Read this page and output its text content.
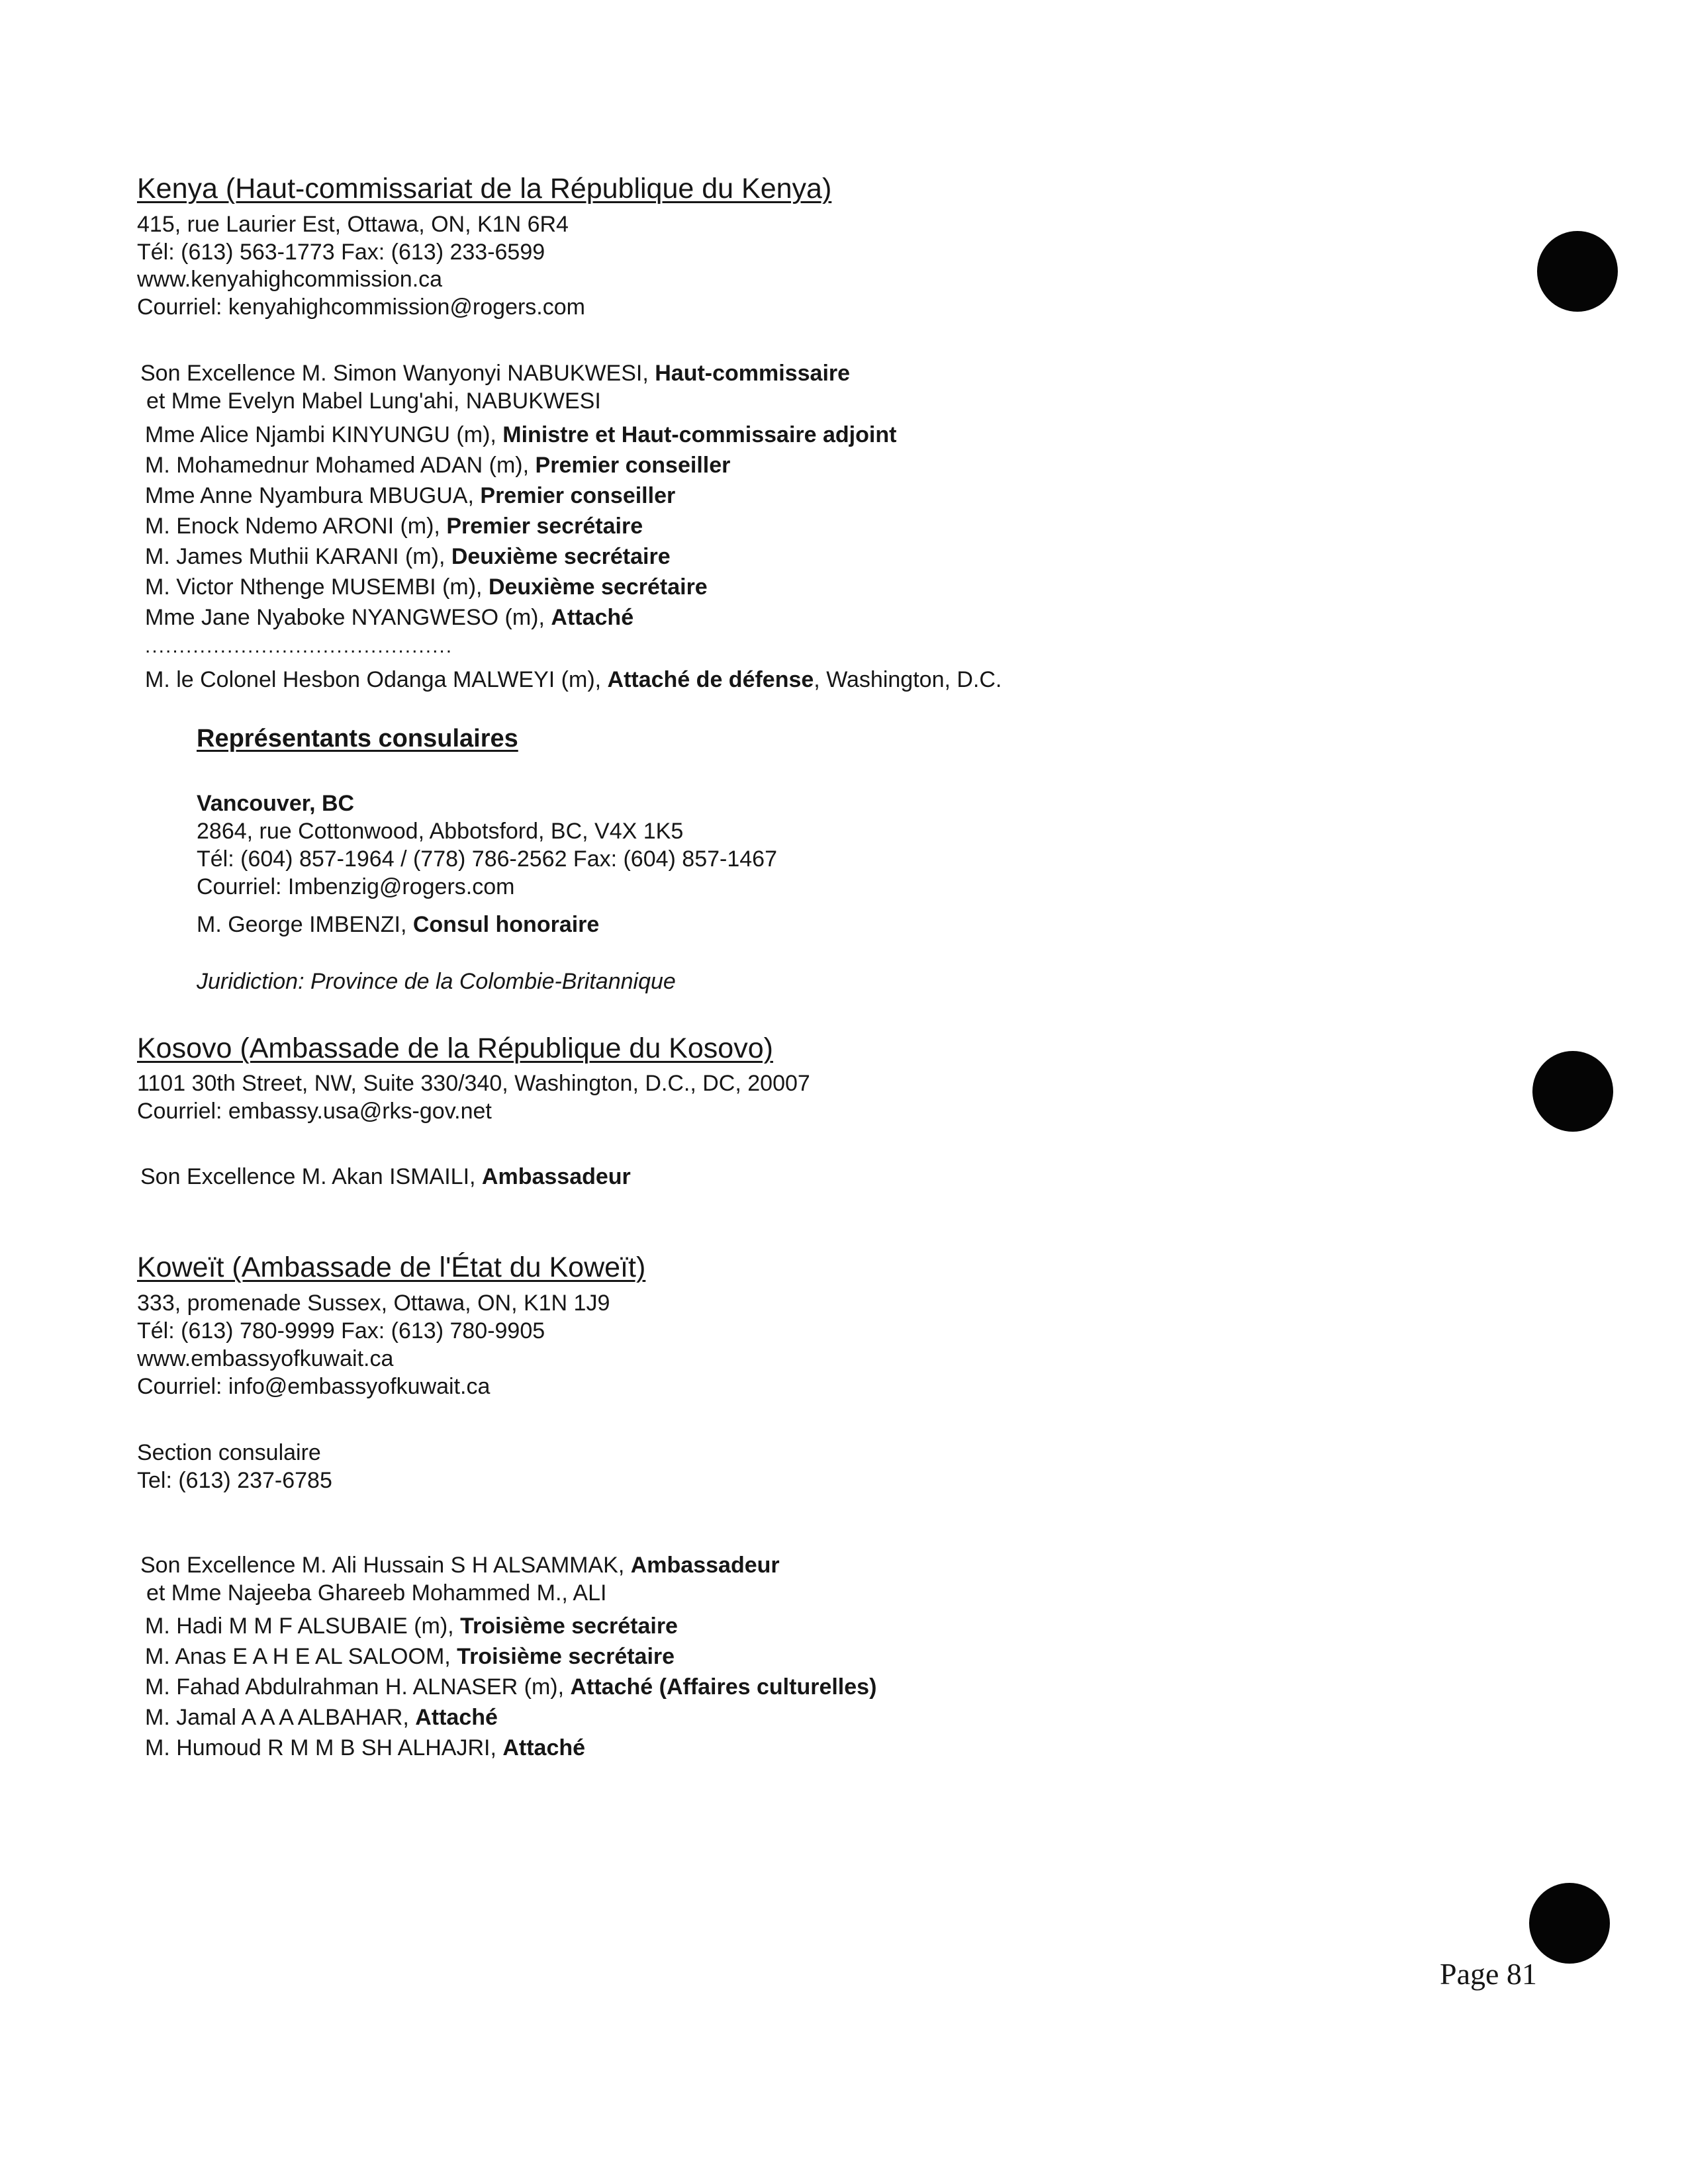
Kenya (Haut-commissariat de la République du Kenya)
415, rue Laurier Est, Ottawa, ON, K1N 6R4
Tél: (613) 563-1773 Fax: (613) 233-6599
www.kenyahighcommission.ca
Courriel: kenyahighcommission@rogers.com
Son Excellence M. Simon Wanyonyi NABUKWESI, Haut-commissaire
et Mme Evelyn Mabel Lung'ahi, NABUKWESI
Mme Alice Njambi KINYUNGU (m), Ministre et Haut-commissaire adjoint
M. Mohamednur Mohamed ADAN (m), Premier conseiller
Mme Anne Nyambura MBUGUA, Premier conseiller
M. Enock Ndemo ARONI (m), Premier secrétaire
M. James Muthii KARANI (m), Deuxième secrétaire
M. Victor Nthenge MUSEMBI (m), Deuxième secrétaire
Mme Jane Nyaboke NYANGWESO (m), Attaché
.............................................
M. le Colonel Hesbon Odanga MALWEYI (m), Attaché de défense, Washington, D.C.
Représentants consulaires
Vancouver, BC
2864, rue Cottonwood, Abbotsford, BC, V4X 1K5
Tél: (604) 857-1964 / (778) 786-2562 Fax: (604) 857-1467
Courriel: Imbenzig@rogers.com
M. George IMBENZI, Consul honoraire
Juridiction: Province de la Colombie-Britannique
Kosovo (Ambassade de la République du Kosovo)
1101 30th Street, NW, Suite 330/340, Washington, D.C., DC, 20007
Courriel: embassy.usa@rks-gov.net
Son Excellence M. Akan ISMAILI, Ambassadeur
Koweït (Ambassade de l'État du Koweït)
333, promenade Sussex, Ottawa, ON, K1N 1J9
Tél: (613) 780-9999 Fax: (613) 780-9905
www.embassyofkuwait.ca
Courriel: info@embassyofkuwait.ca
Section consulaire
Tel: (613) 237-6785
Son Excellence M. Ali Hussain S H ALSAMMAK, Ambassadeur
et Mme Najeeba Ghareeb Mohammed M., ALI
M. Hadi M M F ALSUBAIE (m), Troisième secrétaire
M. Anas E A H E AL SALOOM, Troisième secrétaire
M. Fahad Abdulrahman H. ALNASER (m), Attaché (Affaires culturelles)
M. Jamal A A A ALBAHAR, Attaché
M. Humoud R M M B SH ALHAJRI, Attaché
Page 81
